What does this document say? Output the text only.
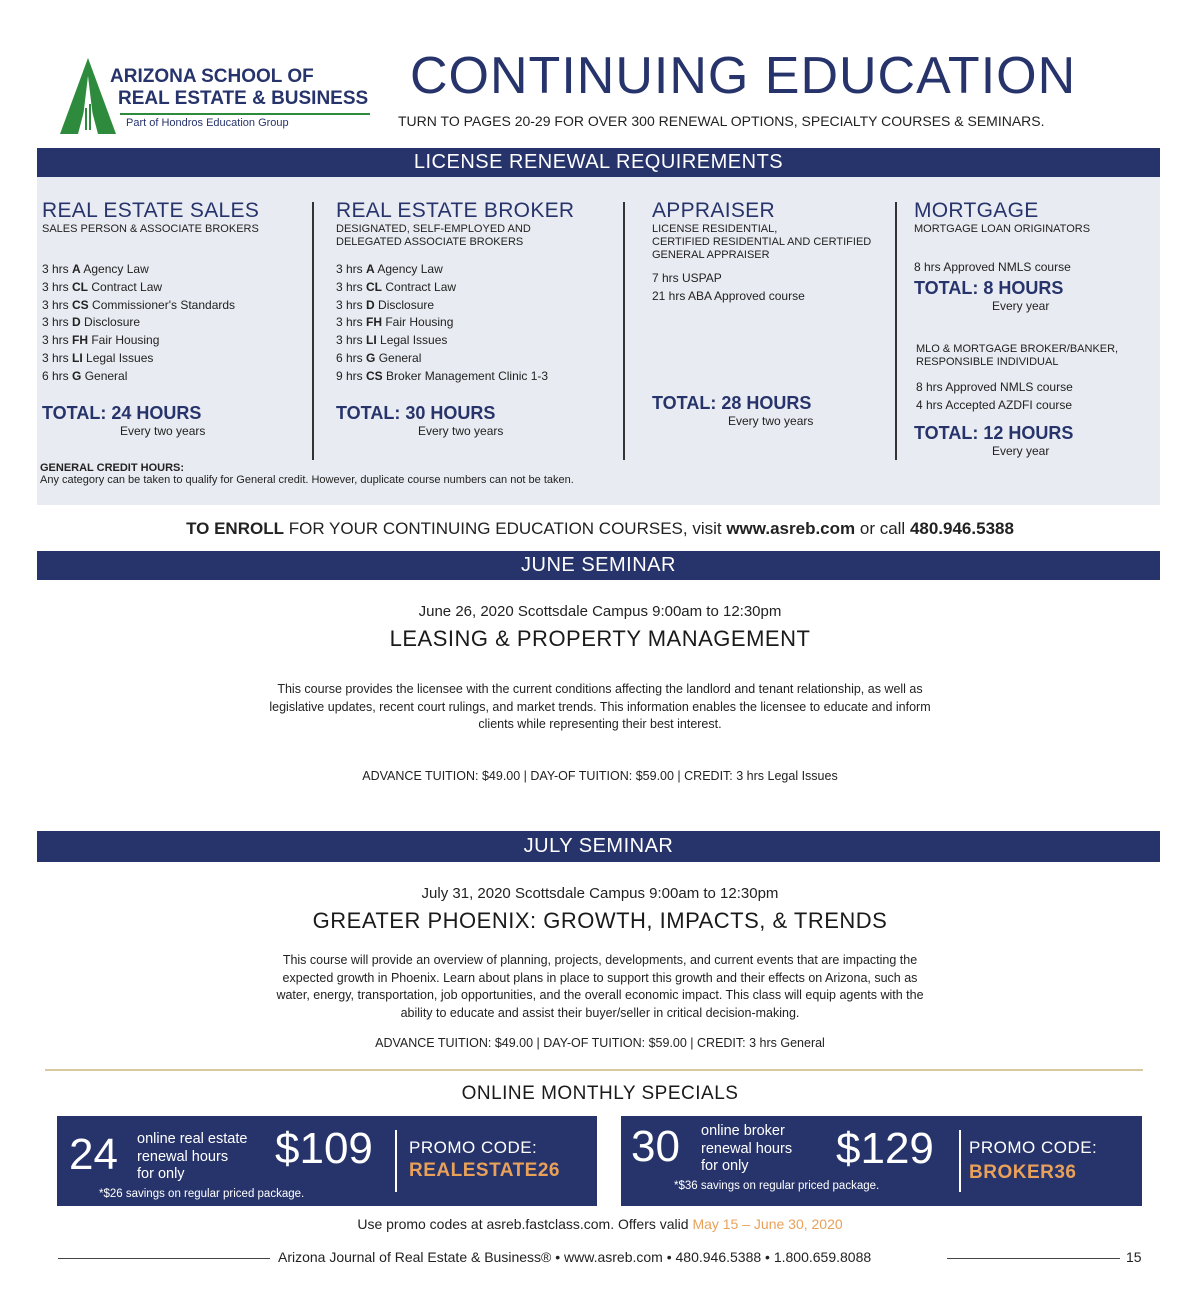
ARIZONA SCHOOL OF
REAL ESTATE & BUSINESS
Part of Hondros Education Group
CONTINUING EDUCATION
TURN TO PAGES 20-29 FOR OVER 300 RENEWAL OPTIONS, SPECIALTY COURSES & SEMINARS.
LICENSE RENEWAL REQUIREMENTS
REAL ESTATE SALES
SALES PERSON & ASSOCIATE BROKERS
3 hrs A Agency Law
3 hrs CL Contract Law
3 hrs CS Commissioner's Standards
3 hrs D Disclosure
3 hrs FH Fair Housing
3 hrs LI Legal Issues
6 hrs G General
TOTAL: 24 HOURS
Every two years
REAL ESTATE BROKER
DESIGNATED, SELF-EMPLOYED AND
DELEGATED ASSOCIATE BROKERS
3 hrs A Agency Law
3 hrs CL Contract Law
3 hrs D Disclosure
3 hrs FH Fair Housing
3 hrs LI Legal Issues
6 hrs G General
9 hrs CS Broker Management Clinic 1-3
TOTAL: 30 HOURS
Every two years
APPRAISER
LICENSE RESIDENTIAL,
CERTIFIED RESIDENTIAL AND CERTIFIED
GENERAL APPRAISER
7 hrs USPAP
21 hrs ABA Approved course
TOTAL: 28 HOURS
Every two years
MORTGAGE
MORTGAGE LOAN ORIGINATORS
8 hrs Approved NMLS course
TOTAL: 8 HOURS
Every year
MLO & MORTGAGE BROKER/BANKER,
RESPONSIBLE INDIVIDUAL
8 hrs Approved NMLS course
4 hrs Accepted AZDFI course
TOTAL: 12 HOURS
Every year
GENERAL CREDIT HOURS:
Any category can be taken to qualify for General credit. However, duplicate course numbers can not be taken.
TO ENROLL FOR YOUR CONTINUING EDUCATION COURSES, visit www.asreb.com or call 480.946.5388
JUNE SEMINAR
June 26, 2020 Scottsdale Campus 9:00am to 12:30pm
LEASING & PROPERTY MANAGEMENT
This course provides the licensee with the current conditions affecting the landlord and tenant relationship, as well as
legislative updates, recent court rulings, and market trends. This information enables the licensee to educate and inform
clients while representing their best interest.
ADVANCE TUITION: $49.00 | DAY-OF TUITION: $59.00 | CREDIT: 3 hrs Legal Issues
JULY SEMINAR
July 31, 2020 Scottsdale Campus 9:00am to 12:30pm
GREATER PHOENIX: GROWTH, IMPACTS, & TRENDS
This course will provide an overview of planning, projects, developments, and current events that are impacting the
expected growth in Phoenix. Learn about plans in place to support this growth and their effects on Arizona, such as
water, energy, transportation, job opportunities, and the overall economic impact. This class will equip agents with the
ability to educate and assist their buyer/seller in critical decision-making.
ADVANCE TUITION: $49.00 | DAY-OF TUITION: $59.00 | CREDIT: 3 hrs General
ONLINE MONTHLY SPECIALS
24 online real estate
renewal hours
for only
$109 PROMO CODE:
REALESTATE26
*$26 savings on regular priced package.
30 online broker
renewal hours
for only	$129 PROMO CODE:
BROKER36
*$36 savings on regular priced package.
Use promo codes at asreb.fastclass.com. Offers valid May 15 – June 30, 2020
Arizona Journal of Real Estate & Business® • www.asreb.com • 480.946.5388 • 1.800.659.8088	15
